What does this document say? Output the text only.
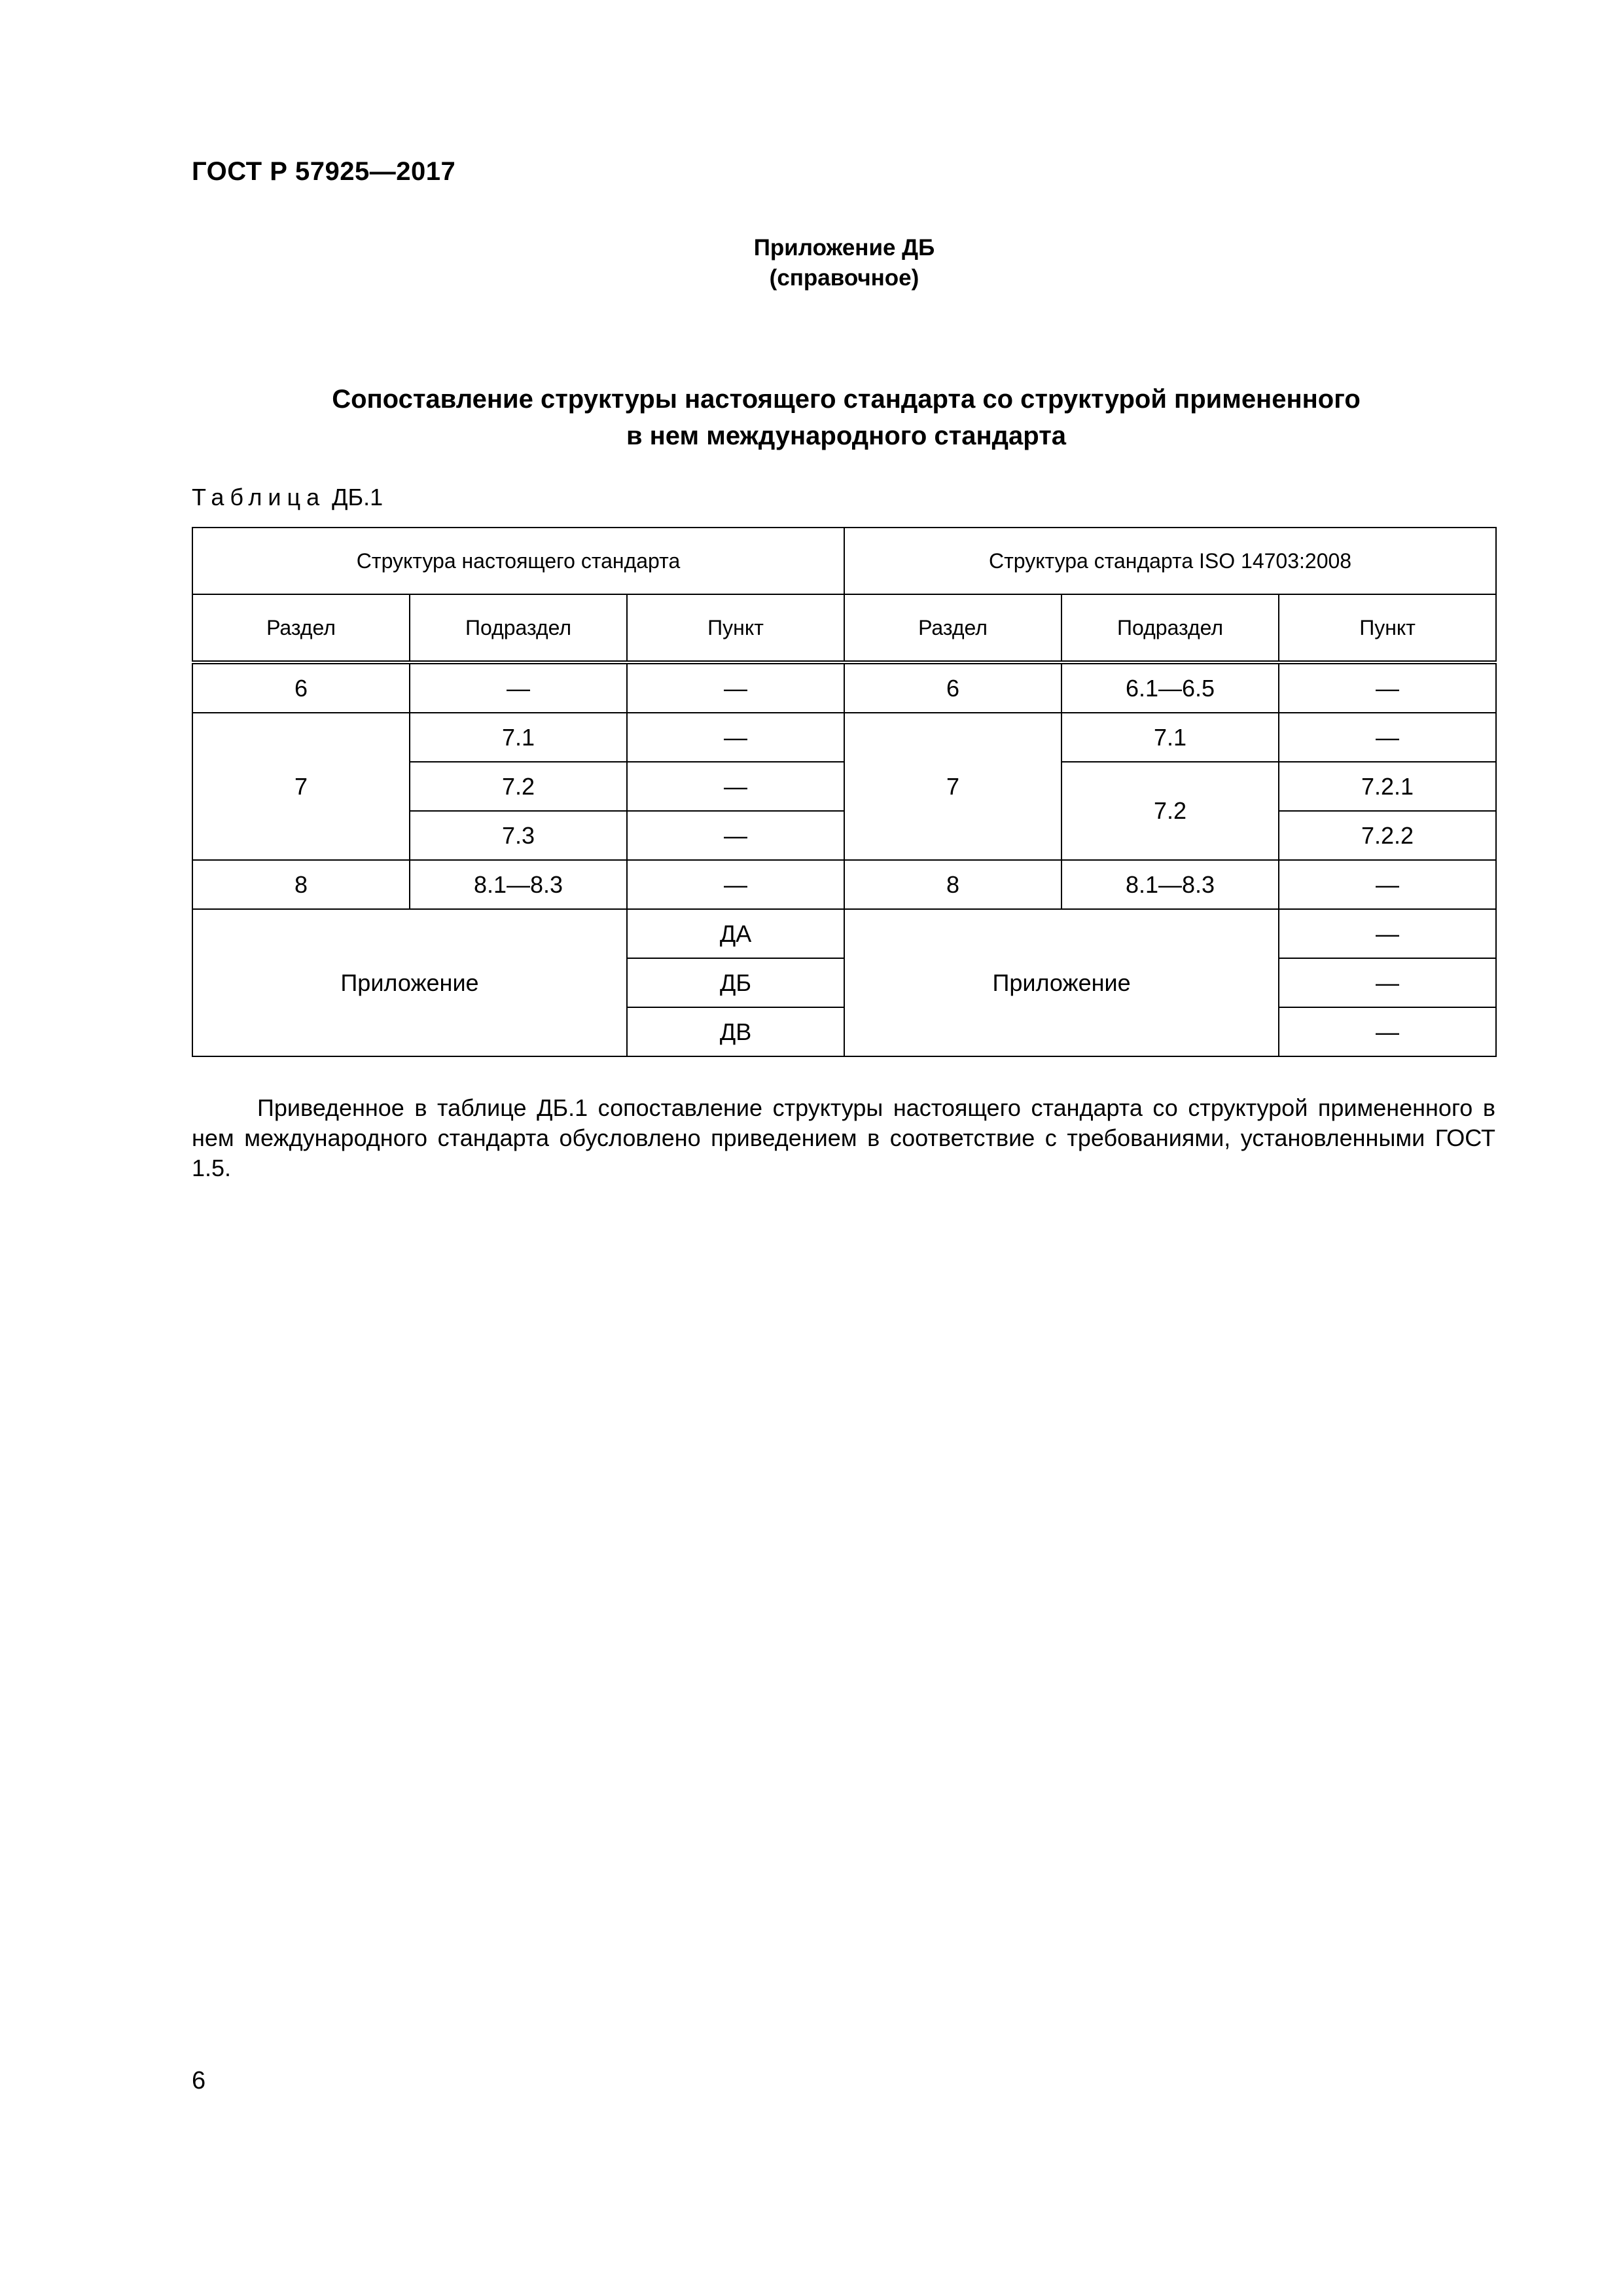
ГОСТ Р 57925—2017
Приложение ДБ
(справочное)
Сопоставление структуры настоящего стандарта со структурой примененного
в нем международного стандарта
Таблица ДБ.1
Структура настоящего стандарта			Структура стандарта ISO 14703:2008		
Раздел	Подраздел	Пункт	Раздел	Подраздел	Пункт
6	—	—	6	6.1—6.5	—
7	7.1	—	7	7.1	—
	7.2	—		7.2	7.2.1
	7.3	—			7.2.2
8	8.1—8.3	—	8	8.1—8.3	—
Приложение		ДА	Приложение		—
		ДБ			—
		ДВ			—
Приведенное в таблице ДБ.1 сопоставление структуры настоящего стандарта со структурой примененного в нем международного стандарта обусловлено приведением в соответствие с требованиями, установленными ГОСТ 1.5.
6
